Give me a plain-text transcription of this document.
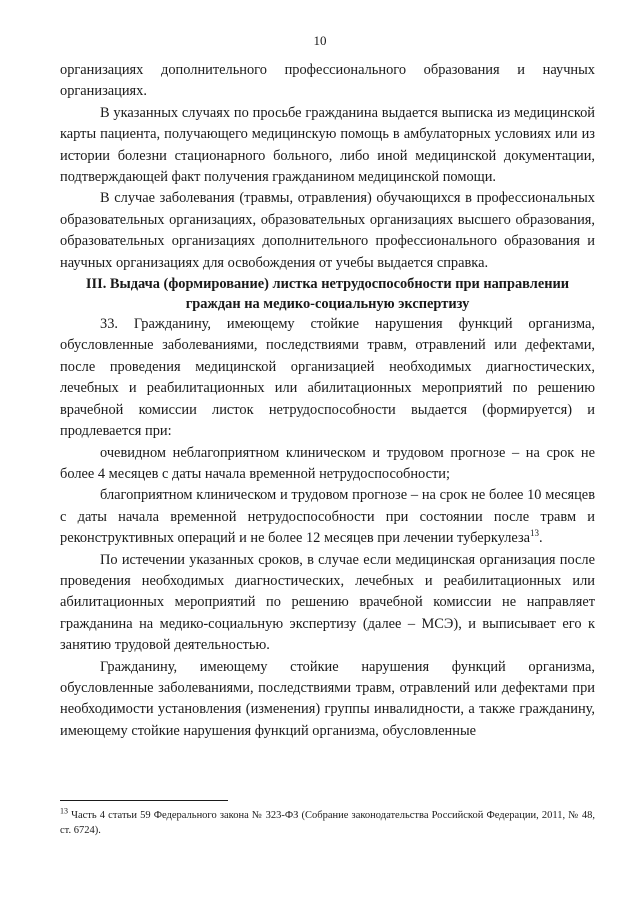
10

организациях дополнительного профессионального образования и научных организациях.

В указанных случаях по просьбе гражданина выдается выписка из медицинской карты пациента, получающего медицинскую помощь в амбулаторных условиях или из истории болезни стационарного больного, либо иной медицинской документации, подтверждающей факт получения гражданином медицинской помощи.

В случае заболевания (травмы, отравления) обучающихся в профессиональных образовательных организациях, образовательных организациях высшего образования, образовательных организациях дополнительного профессионального образования и научных организациях для освобождения от учебы выдается справка.

III. Выдача (формирование) листка нетрудоспособности при направлении граждан на медико-социальную экспертизу

33. Гражданину, имеющему стойкие нарушения функций организма, обусловленные заболеваниями, последствиями травм, отравлений или дефектами, после проведения медицинской организацией необходимых диагностических, лечебных и реабилитационных или абилитационных мероприятий по решению врачебной комиссии листок нетрудоспособности выдается (формируется) и продлевается при:

очевидном неблагоприятном клиническом и трудовом прогнозе – на срок не более 4 месяцев с даты начала временной нетрудоспособности;

благоприятном клиническом и трудовом прогнозе – на срок не более 10 месяцев с даты начала временной нетрудоспособности при состоянии после травм и реконструктивных операций и не более 12 месяцев при лечении туберкулеза$^{13}$.

По истечении указанных сроков, в случае если медицинская организация после проведения необходимых диагностических, лечебных и реабилитационных или абилитационных мероприятий по решению врачебной комиссии не направляет гражданина на медико-социальную экспертизу (далее – МСЭ), и выписывает его к занятию трудовой деятельностью.

Гражданину, имеющему стойкие нарушения функций организма, обусловленные заболеваниями, последствиями травм, отравлений или дефектами при необходимости установления (изменения) группы инвалидности, а также гражданину, имеющему стойкие нарушения функций организма, обусловленные

$^{13}$ Часть 4 статьи 59 Федерального закона № 323-ФЗ (Собрание законодательства Российской Федерации, 2011, № 48, ст. 6724).
